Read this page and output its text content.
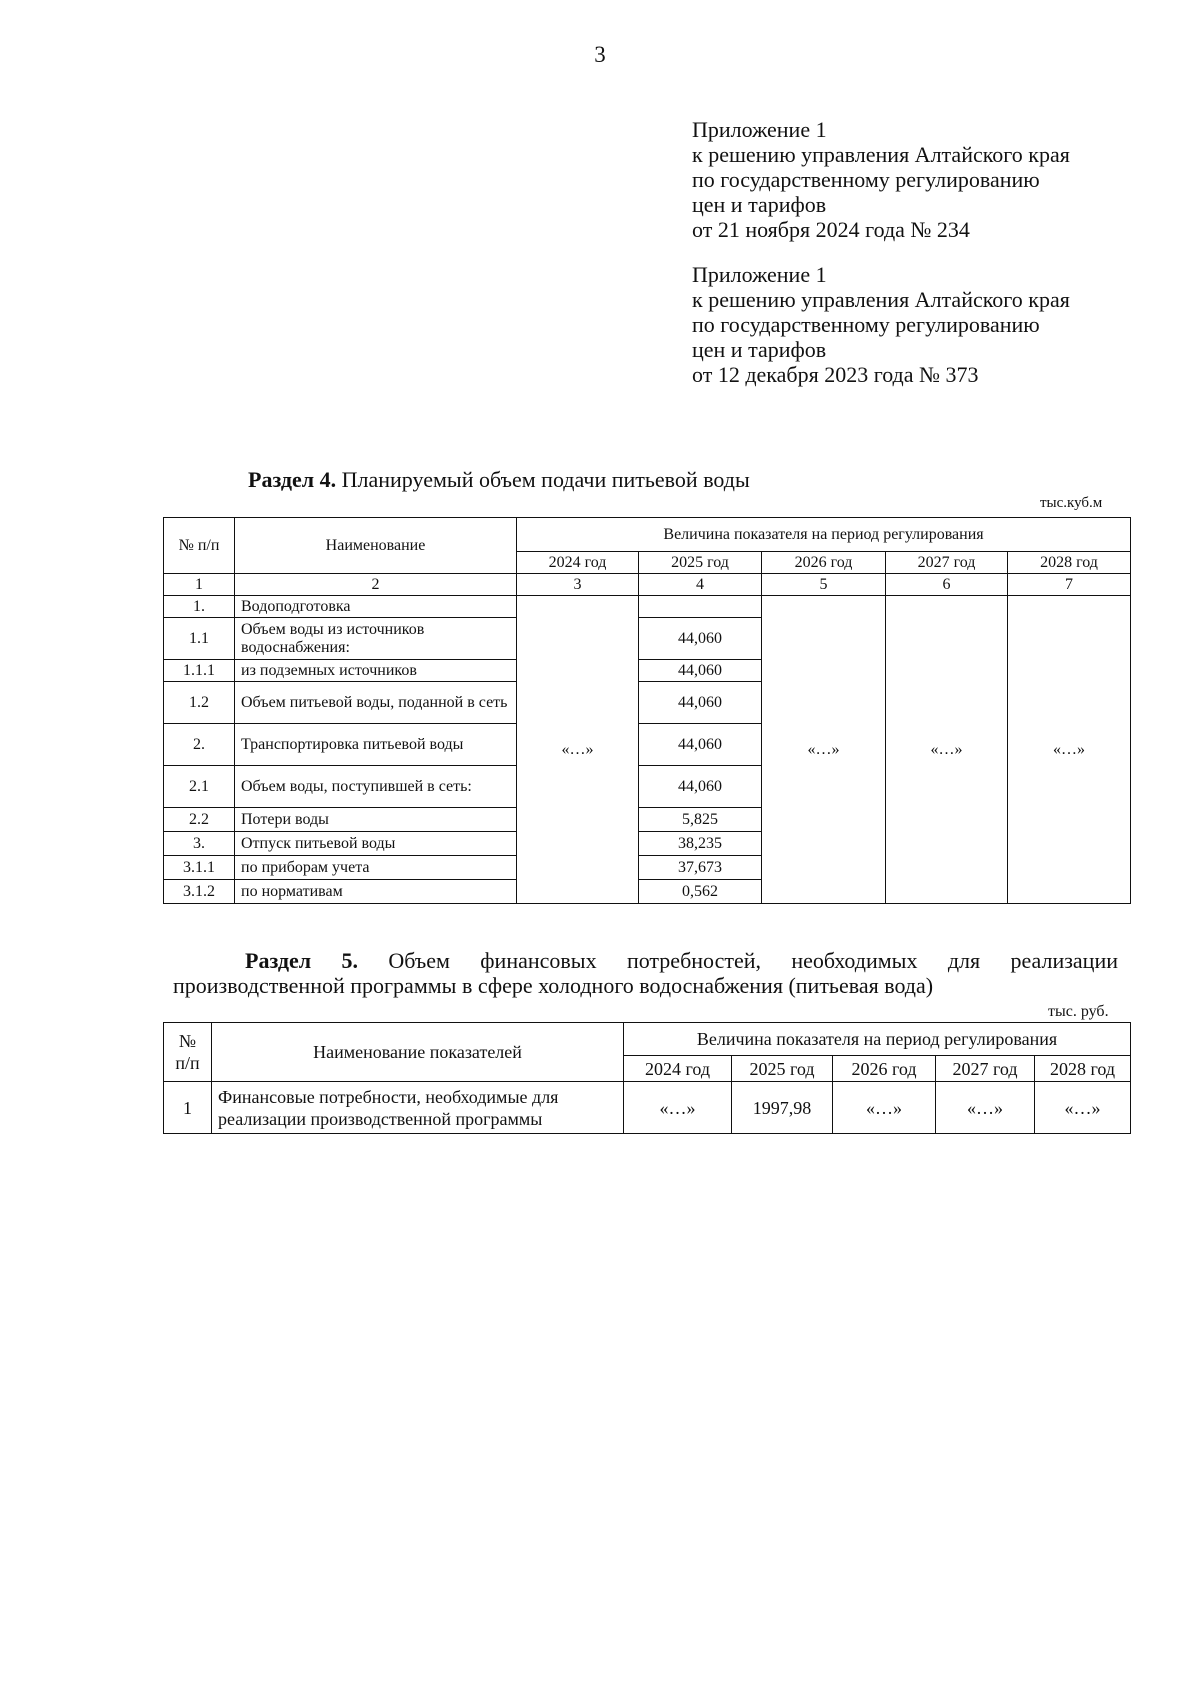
3
Приложение 1
к решению управления Алтайского края
по государственному регулированию
цен и тарифов
от 21 ноября 2024 года № 234
Приложение 1
к решению управления Алтайского края
по государственному регулированию
цен и тарифов
от 12 декабря 2023 года № 373
Раздел 4. Планируемый объем подачи питьевой воды
тыс.куб.м
№ п/п	Наименование	Величина показателя на период регулирования				
		2024 год	2025 год	2026 год	2027 год	2028 год
1	2	3	4	5	6	7
1.	Водоподготовка	«…»		«…»	«…»	«…»
1.1	Объем воды из источников водоснабжения:		44,060			
1.1.1	из подземных источников		44,060			
1.2	Объем питьевой воды, поданной в сеть		44,060			
2.	Транспортировка питьевой воды		44,060			
2.1	Объем воды, поступившей в сеть:		44,060			
2.2	Потери воды		5,825			
3.	Отпуск питьевой воды		38,235			
3.1.1	по приборам учета		37,673			
3.1.2	по нормативам		0,562			
Раздел 5. Объем финансовых потребностей, необходимых для реализации
производственной программы в сфере холодного водоснабжения (питьевая вода)
тыс. руб.
№ п/п	Наименование показателей	Величина показателя на период регулирования				
		2024 год	2025 год	2026 год	2027 год	2028 год
1	Финансовые потребности, необходимые для реализации производственной программы	«…»	1997,98	«…»	«…»	«…»
